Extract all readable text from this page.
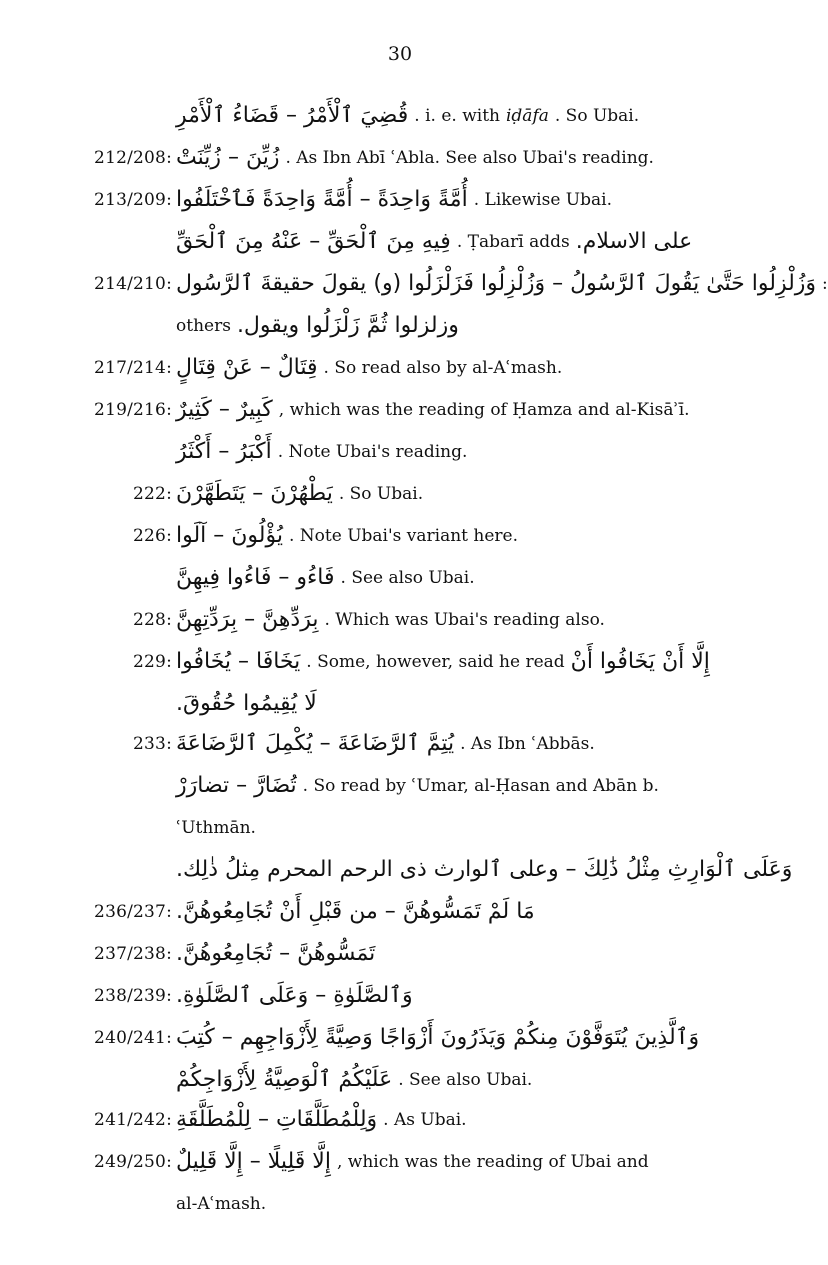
30
قُضِيَ ٱلْأَمْرُ – قَضَاءُ ٱلْأَمْرِ . i. e. with iḍāfa . So Ubai.
212/208: زُيِّنَ – زُيِّنَتْ . As Ibn Abī ʿAbla. See also Ubai's reading.
213/209: أُمَّةً وَاحِدَةً – أُمَّةً وَاحِدَةً فَٱخْتَلَفُوا . Likewise Ubai.
فِيهِ مِنَ ٱلْحَقِّ – عَنْهُ مِنَ ٱلْحَقِّ . Ṭabarī adds على الاسلام.
214/210: وَزُلْزِلُوا حَتَّىٰ يَقُولَ ٱلرَّسُولُ – وَزُلْزِلُوا فَزَلْزَلُوا (و) يقولَ حقيقةَ ٱلرَّسُول :
others وزلزلوا ثُمَّ زَلْزَلُوا ويقول.
217/214: قِتَالٌ – عَنْ قِتَالٍ . So read also by al-Aʿmash.
219/216: كَبِيرٌ – كَثِيرٌ , which was the reading of Ḥamza and al-Kisāʾī.
أَكْبَرُ – أَكْثَرُ . Note Ubai's reading.
222: يَطْهُرْنَ – يَتَطَهَّرْنَ . So Ubai.
226: يُؤْلُونَ – آلَوا . Note Ubai's variant here.
فَاءُو – فَاءُوا فِيهِنَّ . See also Ubai.
228: بِرَدِّهِنَّ – بِرَدِّتِهِنَّ . Which was Ubai's reading also.
229: يَخَافَا – يُخَافُوا . Some, however, said he read إِلَّا أَنْ يَخَافُوا أَنْ
لَا يُقِيمُوا حُقُوقَ.
233: يُتِمَّ ٱلرَّضَاعَةَ – يُكْمِلَ ٱلرَّضَاعَةَ . As Ibn ʿAbbās.
تُضَارَّ – تضارَرْ . So read by ʿUmar, al-Ḥasan and Abān b.
ʿUthmān.
وَعَلَى ٱلْوَارِثِ مِثْلُ ذَٰلِكَ – وعلى ٱلوارث ذى الرحم المحرم مِثلُ ذٰلِك.
236/237: مَا لَمْ تَمَسُّوهُنَّ – من قَبْلِ أَنْ تُجَامِعُوهُنَّ.
237/238: تَمَسُّوهُنَّ – تُجَامِعُوهُنَّ.
238/239: وَٱلصَّلَوٰةِ – وَعَلَى ٱلصَّلَوٰةِ.
240/241: وَٱلَّذِينَ يُتَوَفَّوْنَ مِنكُمْ وَيَذَرُونَ أَزْوَاجًا وَصِيَّةً لِأَزْوَاجِهِم – كُتِبَ
عَلَيْكُمُ ٱلْوَصِيَّةُ لِأَزْوَاجِكُمْ . See also Ubai.
241/242: وَلِلْمُطَلَّقَاتِ – لِلْمُطَلَّقَةِ . As Ubai.
249/250: إِلَّا قَلِيلًا – إِلَّا قَلِيلٌ , which was the reading of Ubai and
al-Aʿmash.
